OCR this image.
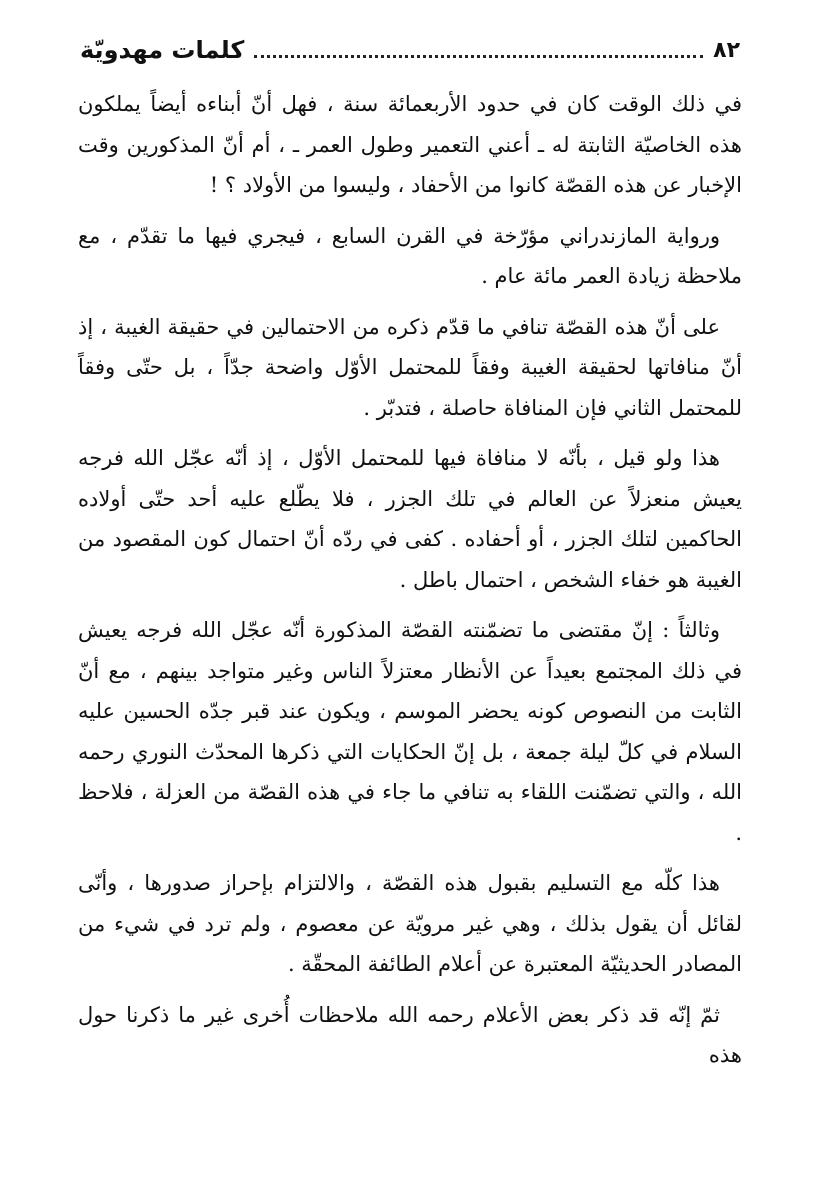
كلمات مهدويّة	٨٢

في ذلك الوقت كان في حدود الأربعمائة سنة ، فهل أنّ أبناءه أيضاً يملكون هذه الخاصيّة الثابتة له ـ أعني التعمير وطول العمر ـ ، أم أنّ المذكورين وقت الإخبار عن هذه القصّة كانوا من الأحفاد ، وليسوا من الأولاد ؟ !

ورواية المازندراني مؤرّخة في القرن السابع ، فيجري فيها ما تقدّم ، مع ملاحظة زيادة العمر مائة عام .

على أنّ هذه القصّة تنافي ما قدّم ذكره من الاحتمالين في حقيقة الغيبة ، إذ أنّ منافاتها لحقيقة الغيبة وفقاً للمحتمل الأوّل واضحة جدّاً ، بل حتّى وفقاً للمحتمل الثاني فإن المنافاة حاصلة ، فتدبّر .

هذا ولو قيل ، بأنّه لا منافاة فيها للمحتمل الأوّل ، إذ أنّه عجّل الله فرجه يعيش منعزلاً عن العالم في تلك الجزر ، فلا يطّلع عليه أحد حتّى أولاده الحاكمين لتلك الجزر ، أو أحفاده . كفى في ردّه أنّ احتمال كون المقصود من الغيبة هو خفاء الشخص ، احتمال باطل .

وثالثاً : إنّ مقتضى ما تضمّنته القصّة المذكورة أنّه عجّل الله فرجه يعيش في ذلك المجتمع بعيداً عن الأنظار معتزلاً الناس وغير متواجد بينهم ، مع أنّ الثابت من النصوص كونه يحضر الموسم ، ويكون عند قبر جدّه الحسين عليه السلام في كلّ ليلة جمعة ، بل إنّ الحكايات التي ذكرها المحدّث النوري رحمه الله ، والتي تضمّنت اللقاء به تنافي ما جاء في هذه القصّة من العزلة ، فلاحظ .

هذا كلّه مع التسليم بقبول هذه القصّة ، والالتزام بإحراز صدورها ، وأنّى لقائل أن يقول بذلك ، وهي غير مرويّة عن معصوم ، ولم ترد في شيء من المصادر الحديثيّة المعتبرة عن أعلام الطائفة المحقّة .

ثمّ إنّه قد ذكر بعض الأعلام رحمه الله ملاحظات أُخرى غير ما ذكرنا حول هذه
